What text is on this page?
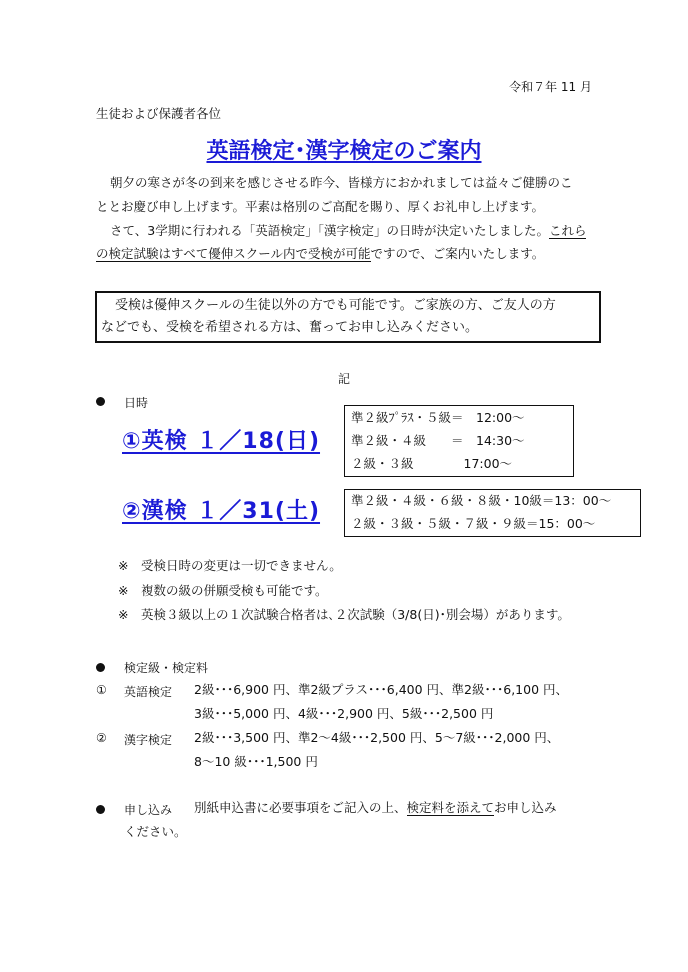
令和７年 11 月
生徒および保護者各位
英語検定･漢字検定のご案内
朝夕の寒さが冬の到来を感じさせる昨今、皆様方におかれましては益々ご健勝のこ
ととお慶び申し上げます。平素は格別のご高配を賜り、厚くお礼申し上げます。
さて、3学期に行われる「英語検定」「漢字検定」の日時が決定いたしました。これら
の検定試験はすべて優伸スクール内で受検が可能ですので、ご案内いたします。
受検は優伸スクールの生徒以外の方でも可能です。ご家族の方、ご友人の方
などでも、受検を希望される方は、奮ってお申し込みください。
記
日時
①英検 １／18(日)
準２級ﾌﾟﾗｽ・５級＝　12:00～
準２級・４級　　＝　14:30～
２級・３級　　　　17:00～
②漢検 １／31(土) 準２級・４級・６級・８級・10級＝13：00～
２級・３級・５級・７級・９級＝15：00～
※　受検日時の変更は一切できません。
※　複数の級の併願受検も可能です。
※　英検３級以上の１次試験合格者は､２次試験（3/8(日)･別会場）があります。
検定級・検定料
① 英語検定 2級･･･6,900 円、準2級プラス･･･6,400 円、準2級･･･6,100 円、
3級･･･5,000 円、4級･･･2,900 円、5級･･･2,500 円
② 漢字検定 2級･･･3,500 円、準2～4級･･･2,500 円、5～7級･･･2,000 円、
8～10 級･･･1,500 円
申し込み 別紙申込書に必要事項をご記入の上、検定料を添えてお申し込み
ください。
